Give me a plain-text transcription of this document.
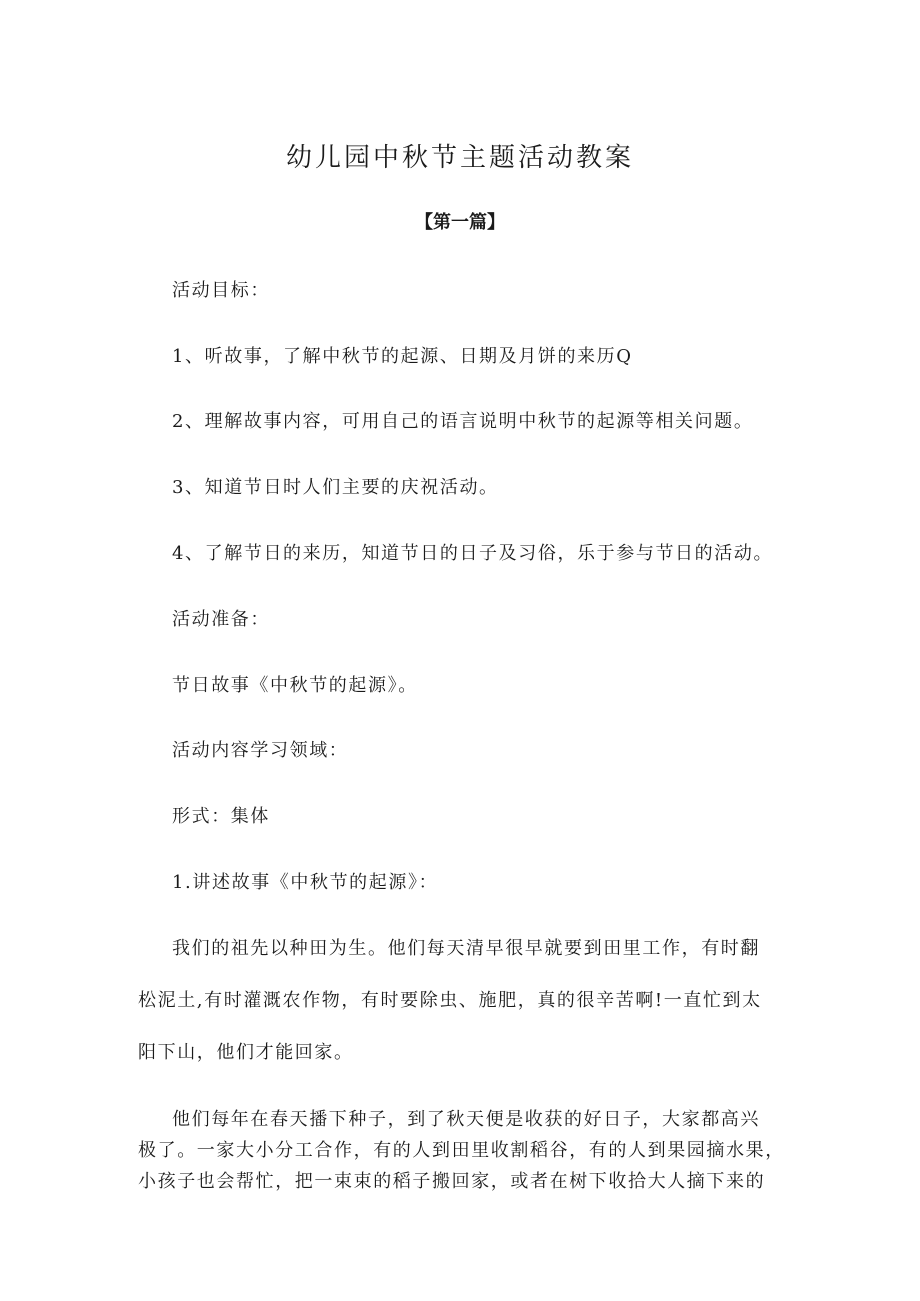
幼儿园中秋节主题活动教案
【第一篇】

活动目标：

1、听故事，了解中秋节的起源、日期及月饼的来历Q

2、理解故事内容，可用自己的语言说明中秋节的起源等相关问题。

3、知道节日时人们主要的庆祝活动。

4、了解节日的来历，知道节日的日子及习俗，乐于参与节日的活动。

活动准备：

节日故事《中秋节的起源》。

活动内容学习领域：

形式：集体

1.讲述故事《中秋节的起源》：

我们的祖先以种田为生。他们每天清早很早就要到田里工作，有时翻
松泥土,有时灌溉农作物，有时要除虫、施肥，真的很辛苦啊!一直忙到太
阳下山，他们才能回家。
他们每年在春天播下种子，到了秋天便是收获的好日子，大家都高兴
极了。一家大小分工合作，有的人到田里收割稻谷，有的人到果园摘水果，
小孩子也会帮忙，把一束束的稻子搬回家，或者在树下收拾大人摘下来的
